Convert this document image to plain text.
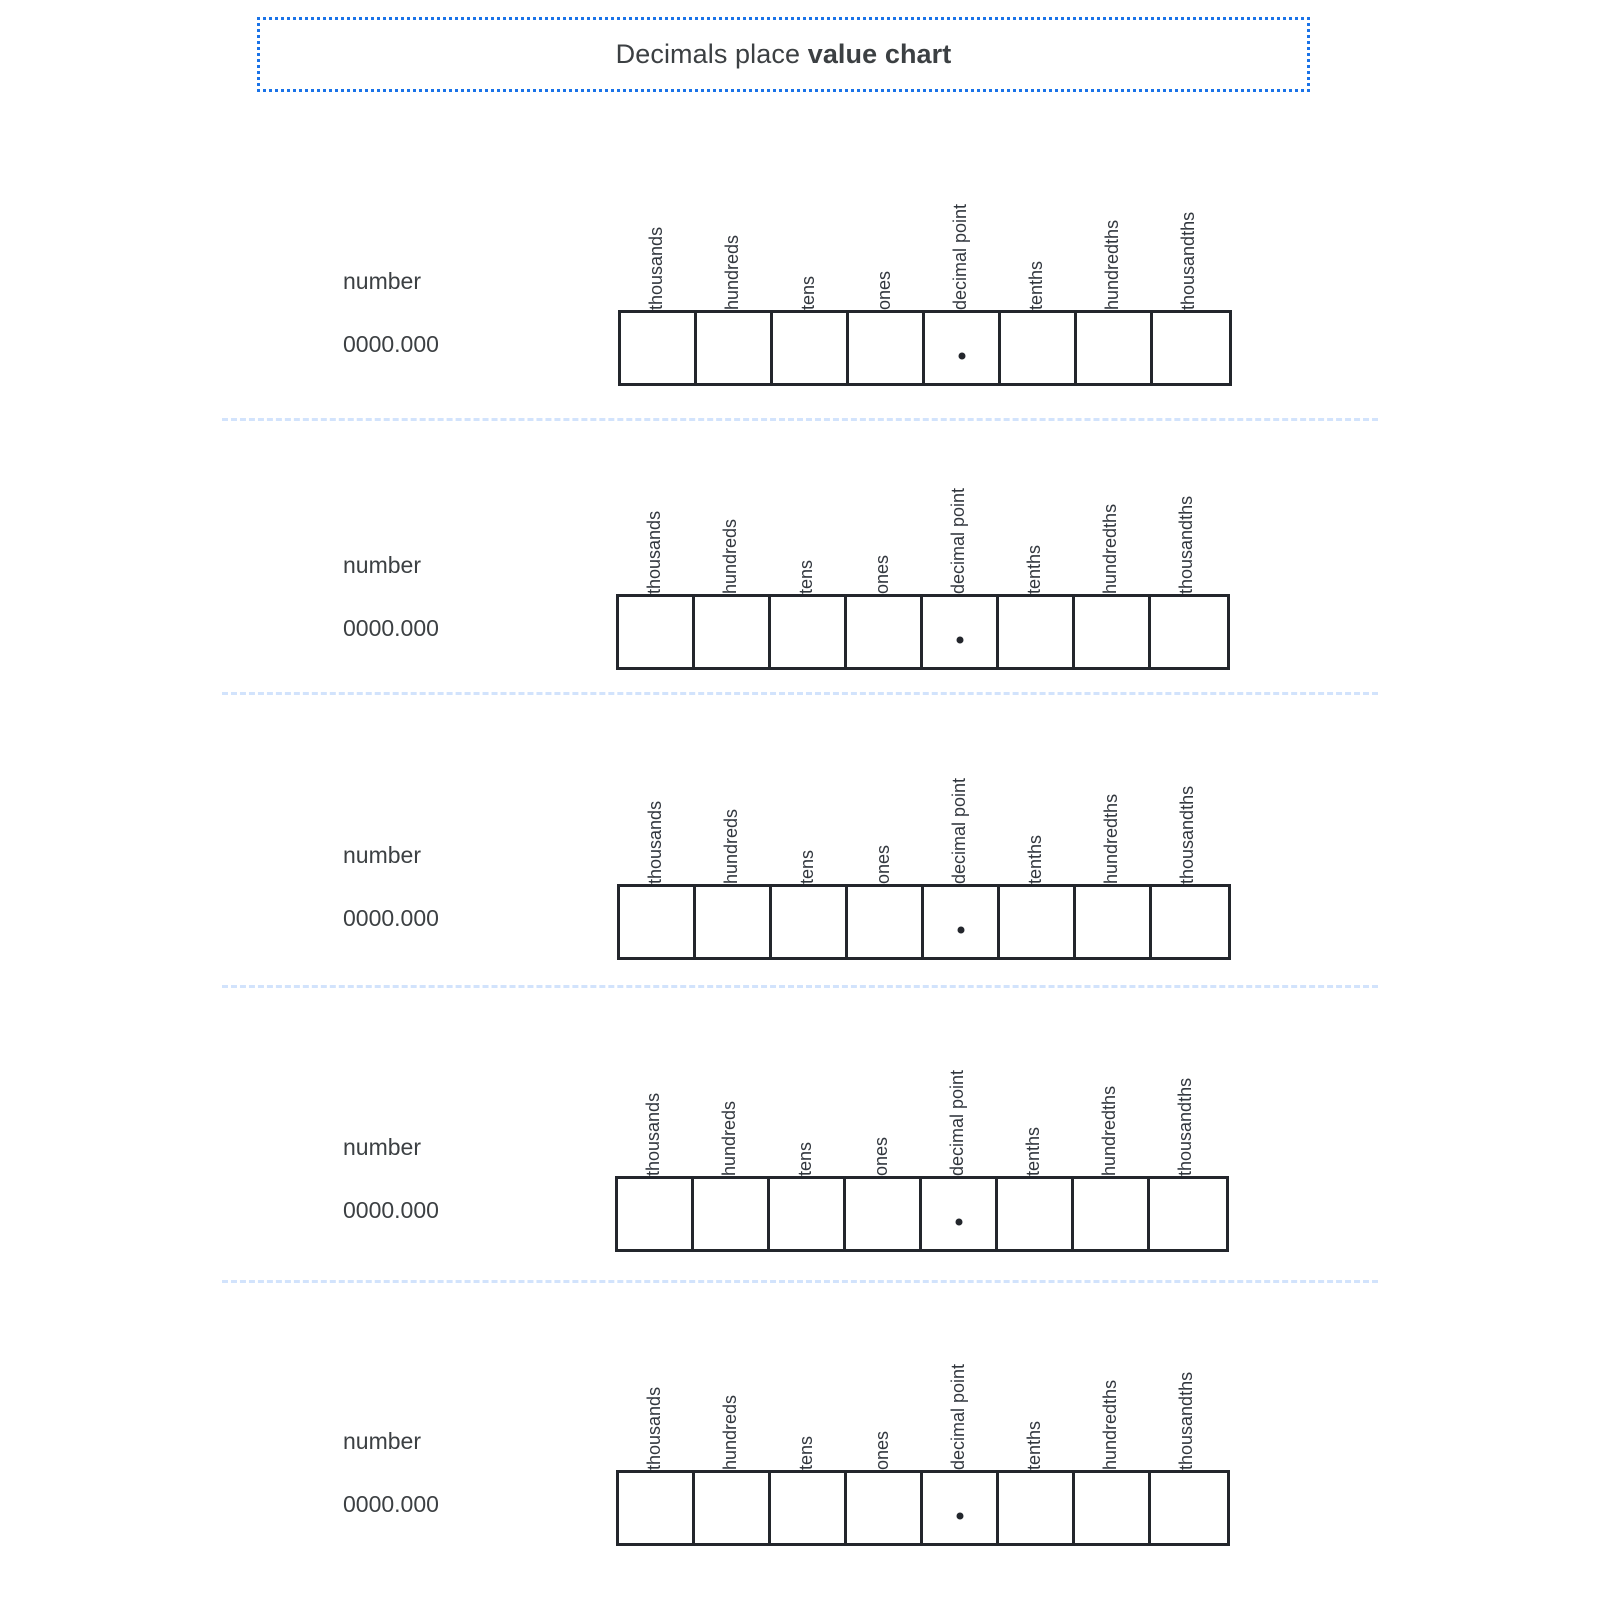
Decimals place value chart
number
0000.000
thousands	hundreds	tens	ones	decimal point	tenths	hundredths	thousandths
number
0000.000
thousands	hundreds	tens	ones	decimal point	tenths	hundredths	thousandths
number
0000.000
thousands	hundreds	tens	ones	decimal point	tenths	hundredths	thousandths
number
0000.000
thousands	hundreds	tens	ones	decimal point	tenths	hundredths	thousandths
number
0000.000
thousands	hundreds	tens	ones	decimal point	tenths	hundredths	thousandths
